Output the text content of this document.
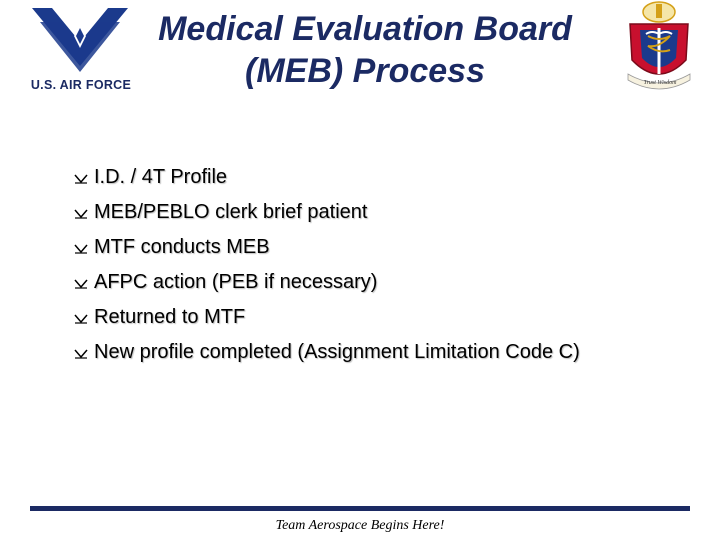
U.S. AIR FORCE
Medical Evaluation Board
(MEB) Process	Trust Wisdom
I.D. / 4T Profile
MEB/PEBLO clerk brief patient
MTF conducts MEB
AFPC action (PEB if necessary)
Returned to MTF
New profile completed (Assignment Limitation Code C)
Team Aerospace Begins Here!
